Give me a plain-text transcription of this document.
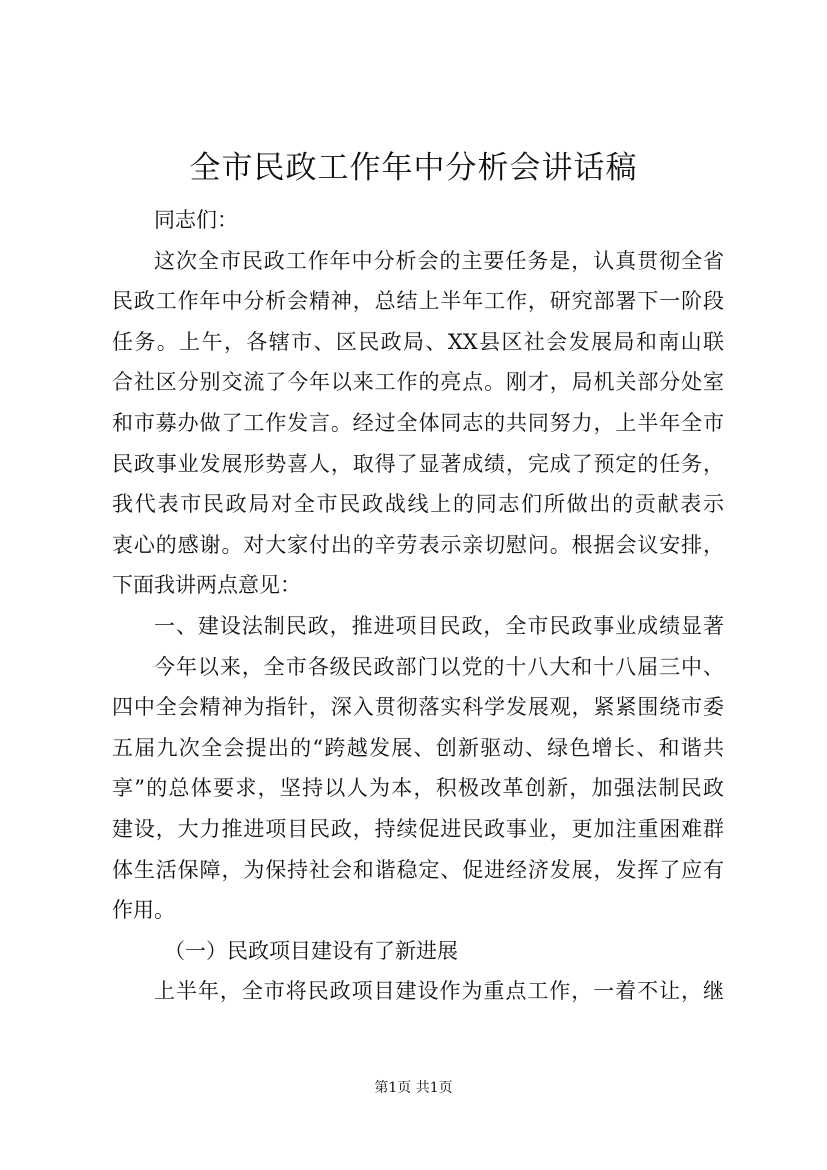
全市民政工作年中分析会讲话稿
同志们：
这次全市民政工作年中分析会的主要任务是，认真贯彻全省
民政工作年中分析会精神，总结上半年工作，研究部署下一阶段
任务。上午，各辖市、区民政局、XX县区社会发展局和南山联
合社区分别交流了今年以来工作的亮点。刚才，局机关部分处室
和市募办做了工作发言。经过全体同志的共同努力，上半年全市
民政事业发展形势喜人，取得了显著成绩，完成了预定的任务，
我代表市民政局对全市民政战线上的同志们所做出的贡献表示
衷心的感谢。对大家付出的辛劳表示亲切慰问。根据会议安排，
下面我讲两点意见：
一、建设法制民政，推进项目民政，全市民政事业成绩显著
今年以来，全市各级民政部门以党的十八大和十八届三中、
四中全会精神为指针，深入贯彻落实科学发展观，紧紧围绕市委
五届九次全会提出的“跨越发展、创新驱动、绿色增长、和谐共
享”的总体要求，坚持以人为本，积极改革创新，加强法制民政
建设，大力推进项目民政，持续促进民政事业，更加注重困难群
体生活保障，为保持社会和谐稳定、促进经济发展，发挥了应有
作用。
（一）民政项目建设有了新进展
上半年，全市将民政项目建设作为重点工作，一着不让，继
第1页 共1页
